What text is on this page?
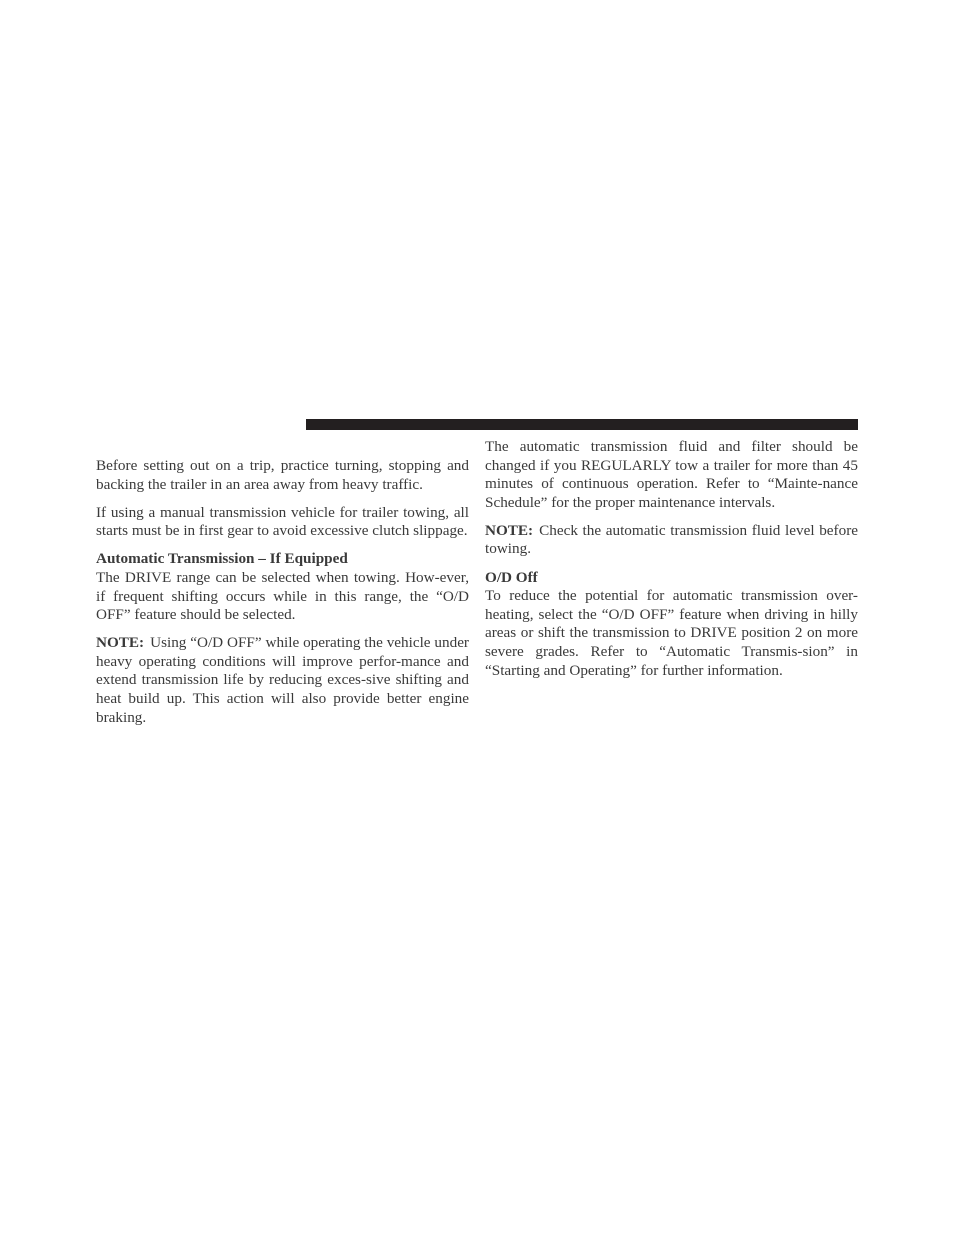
Before setting out on a trip, practice turning, stopping and backing the trailer in an area away from heavy traffic.

If using a manual transmission vehicle for trailer towing, all starts must be in first gear to avoid excessive clutch slippage.

Automatic Transmission – If Equipped

The DRIVE range can be selected when towing. How-ever, if frequent shifting occurs while in this range, the “O/D OFF” feature should be selected.

NOTE: Using “O/D OFF” while operating the vehicle under heavy operating conditions will improve perfor-mance and extend transmission life by reducing exces-sive shifting and heat build up. This action will also provide better engine braking.

The automatic transmission fluid and filter should be changed if you REGULARLY tow a trailer for more than 45 minutes of continuous operation. Refer to “Mainte-nance Schedule” for the proper maintenance intervals.

NOTE: Check the automatic transmission fluid level before towing.

O/D Off

To reduce the potential for automatic transmission over-heating, select the “O/D OFF” feature when driving in hilly areas or shift the transmission to DRIVE position 2 on more severe grades. Refer to “Automatic Transmis-sion” in “Starting and Operating” for further information.
